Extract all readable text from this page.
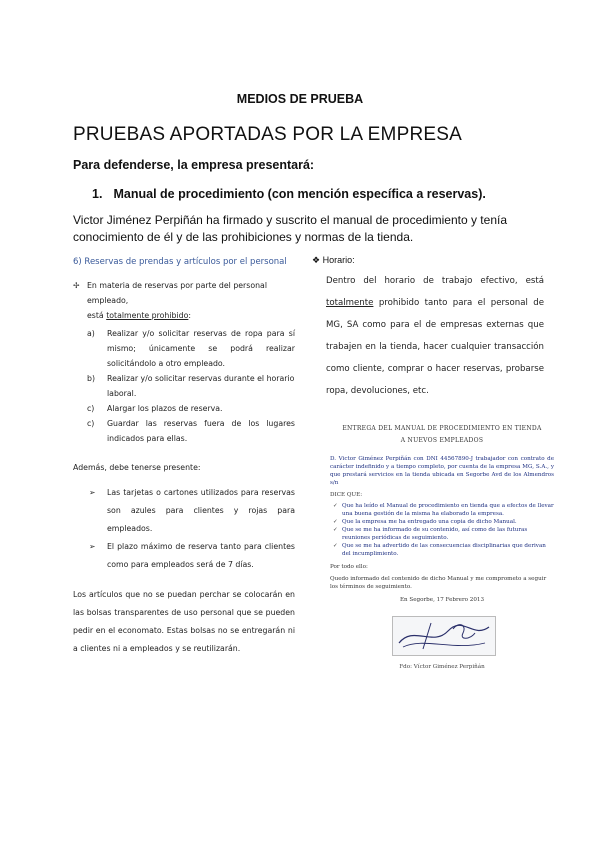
MEDIOS DE PRUEBA
PRUEBAS APORTADAS POR LA EMPRESA
Para defenderse, la empresa presentará:
1. Manual de procedimiento (con mención específica a reservas).
Victor Jiménez Perpiñán ha firmado y suscrito el manual de procedimiento y tenía conocimiento de él y de las prohibiciones y normas de la tienda.
6) Reservas de prendas y artículos por el personal
✢ En materia de reservas por parte del personal empleado,
está totalmente prohibido:
a) Realizar y/o solicitar reservas de ropa para sí mismo; únicamente se podrá realizar solicitándolo a otro empleado.
b) Realizar y/o solicitar reservas durante el horario laboral.
c) Alargar los plazos de reserva.
c) Guardar las reservas fuera de los lugares indicados para ellas.
Además, debe tenerse presente:
➢ Las tarjetas o cartones utilizados para reservas son azules para clientes y rojas para empleados.
➢ El plazo máximo de reserva tanto para clientes como para empleados será de 7 días.
Los artículos que no se puedan perchar se colocarán en las bolsas transparentes de uso personal que se pueden pedir en el economato. Estas bolsas no se entregarán ni a clientes ni a empleados y se reutilizarán.
❖ Horario:
Dentro del horario de trabajo efectivo, está totalmente prohibido tanto para el personal de MG, SA como para el de empresas externas que trabajen en la tienda, hacer cualquier transacción como cliente, comprar o hacer reservas, probarse ropa, devoluciones, etc.
ENTREGA DEL MANUAL DE PROCEDIMIENTO EN TIENDA
A NUEVOS EMPLEADOS
D. Victor Giménez Perpiñán con DNI 44567890-J trabajador con contrato de carácter indefinido y a tiempo completo, por cuenta de la empresa MG, S.A., y que prestará servicios en la tienda ubicada en Segorbe Avd de los Almendros s/n
DICE QUE:
✓ Que ha leído el Manual de procedimiento en tienda que a efectos de llevar una buena gestión de la misma ha elaborado la empresa.
✓ Que la empresa me ha entregado una copia de dicho Manual.
✓ Que se me ha informado de su contenido, así como de las futuras reuniones periódicas de seguimiento.
✓ Que se me ha advertido de las consecuencias disciplinarias que derivan del incumplimiento.
Por todo ello:
Quedo informado del contenido de dicho Manual y me comprometo a seguir los términos de seguimiento.
En Segorbe, 17 Febrero 2013
Fdo: Víctor Giménez Perpiñán
